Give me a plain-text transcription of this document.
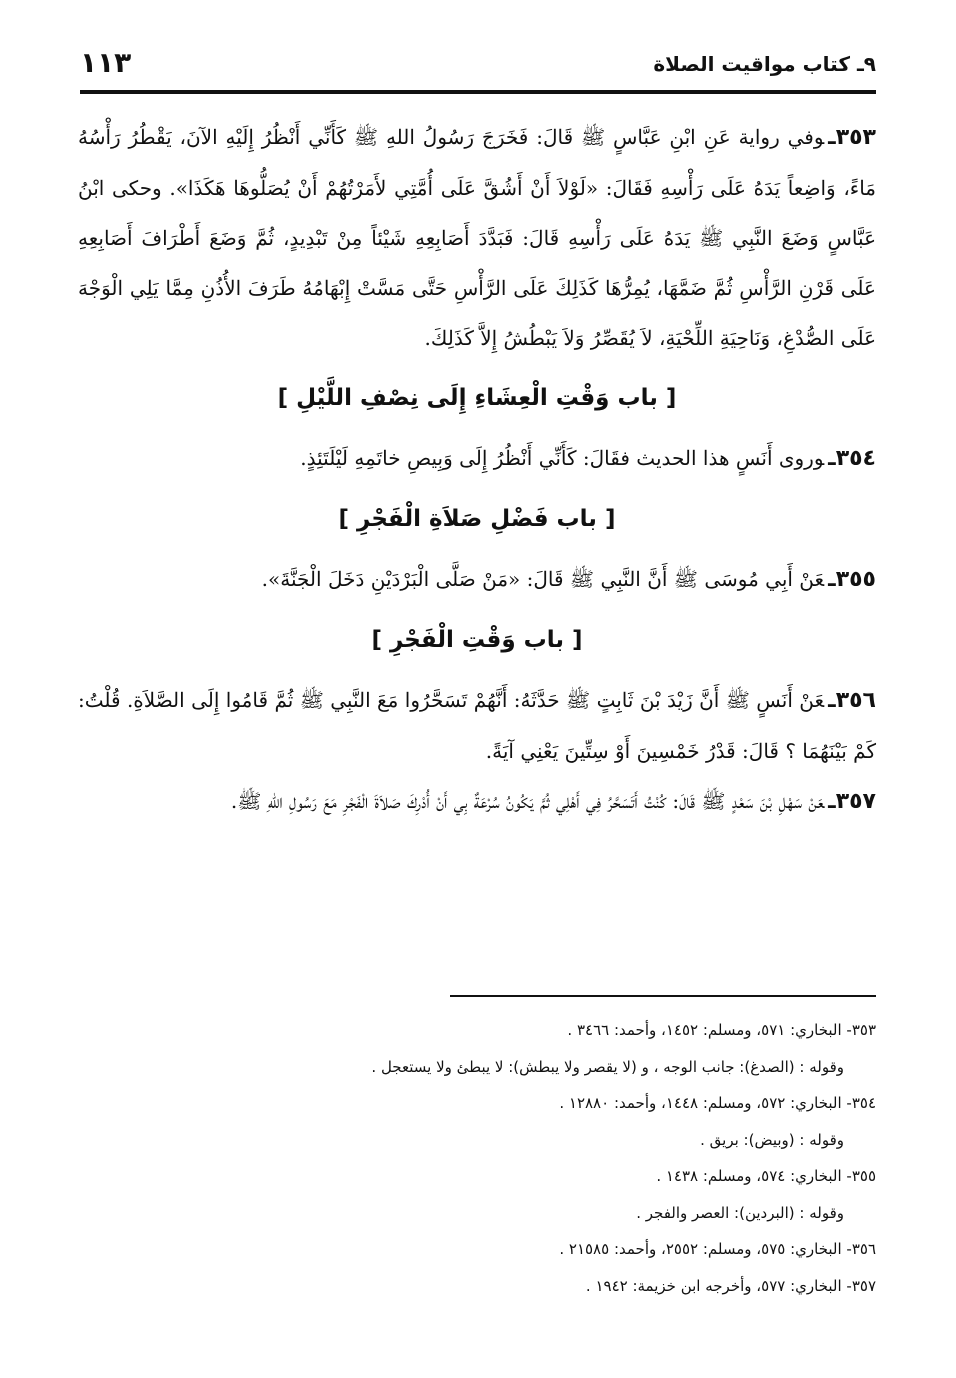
٩ـ كتاب مواقيت الصلاة
١١٣

٣٥٣ـوفي رواية عَنِ ابْنِ عَبَّاسٍ ﷺ قَالَ: فَخَرَجَ رَسُولُ اللهِ ﷺ كَأَنِّي أَنْظُرُ إِلَيْهِ الآنَ، يَقْطُرُ رَأْسُهُ مَاءً، وَاضِعاً يَدَهُ عَلَى رَأْسِهِ فَقَالَ: «لَوْلاَ أَنْ أَشُقَّ عَلَى أُمَّتِي لأَمَرْتُهُمْ أَنْ يُصَلُّوهَا هَكَذَا». وحكى ابْنُ عَبَّاسٍ وَضَعَ النَّبِي ﷺ يَدَهُ عَلَى رَأْسِهِ قَالَ: فَبَدَّدَ أَصَابِعِهِ شَيْئاً مِنْ تَبْدِيدٍ، ثُمَّ وَضَعَ أَطْرَافَ أَصَابِعِهِ عَلَى قَرْنِ الرَّأْسِ ثُمَّ ضَمَّهَا، يُمِرُّهَا كَذَلِكَ عَلَى الرَّأْسِ حَتَّى مَسَّتْ إِبْهَامُهُ طَرَفَ الأُذُنِ مِمَّا يَلِي الْوَجْهَ عَلَى الصُّدْغِ، وَنَاحِيَةِ اللِّحْيَةِ، لاَ يُقَصِّرُ وَلاَ يَبْطُشُ إِلاَّ كَذَلِكَ.

[ باب وَقْتِ الْعِشَاءِ إِلَى نِصْفِ اللَّيْلِ ]

٣٥٤ـوروى أَنَسٍ هذا الحديث فقَالَ: كَأَنِّي أَنْظُرُ إِلَى وَبِيصِ خاتَمِهِ لَيْلَتَئِذٍ.

[ باب فَضْلِ صَلاَةِ الْفَجْرِ ]

٣٥٥ـعَنْ أَبِي مُوسَى ﷺ أَنَّ النَّبِي ﷺ قَالَ: «مَنْ صَلَّى الْبَرْدَيْنِ دَخَلَ الْجَنَّةَ».

[ باب وَقْتِ الْفَجْرِ ]

٣٥٦ـعَنْ أَنَسٍ ﷺ أَنَّ زَيْدَ بْنَ ثَابِتٍ ﷺ حَدَّثَهُ: أَنَّهُمْ تَسَحَّرُوا مَعَ النَّبِي ﷺ ثُمَّ قَامُوا إِلَى الصَّلاَةِ. قُلْتُ: كَمْ بَيْنَهُمَا ؟ قَالَ: قَدْرُ خَمْسِينَ أَوْ سِتِّينَ يَعْنِي آيَةً.

٣٥٧ـعَنْ سَهْلِ بْنَ سَعْدٍ ﷺ قَالَ: كُنْتُ أَتَسَحَّرُ فِي أَهْلِي ثُمَّ يَكُونُ سُرْعَةٌ بِي أَنْ أُدْرِكَ صَلاَةَ الْفَجْرِ مَعَ رَسُولِ اللهِ ﷺ.

٣٥٣- البخاري: ٥٧١، ومسلم: ١٤٥٢، وأحمد: ٣٤٦٦ .

وقوله : (الصدغ): جانب الوجه ، و (لا يقصر ولا يبطش): لا يبطئ ولا يستعجل .

٣٥٤- البخاري: ٥٧٢، ومسلم: ١٤٤٨، وأحمد: ١٢٨٨٠ .

وقوله : (وبيض): بريق .

٣٥٥- البخاري: ٥٧٤، ومسلم: ١٤٣٨ .

وقوله : (البردين): العصر والفجر .

٣٥٦- البخاري: ٥٧٥، ومسلم: ٢٥٥٢، وأحمد: ٢١٥٨٥ .

٣٥٧- البخاري: ٥٧٧، وأخرجه ابن خزيمة: ١٩٤٢ .
